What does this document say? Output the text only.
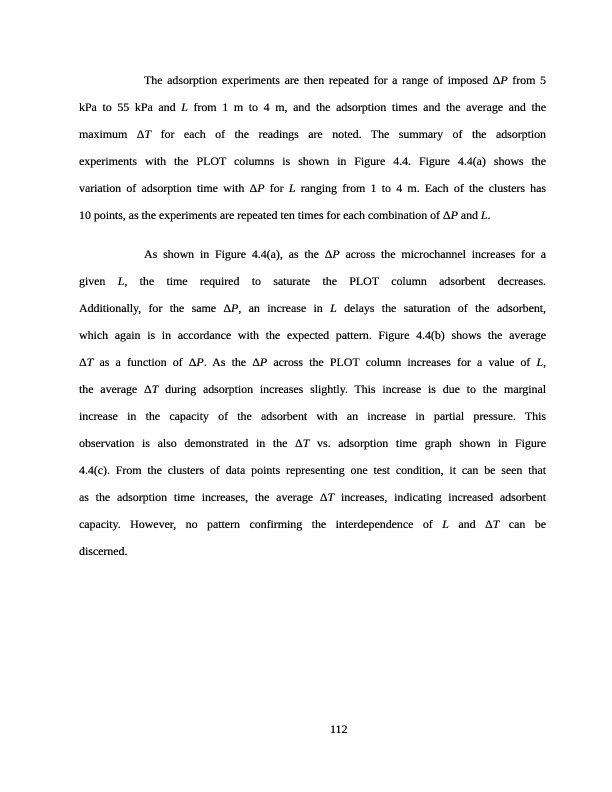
The adsorption experiments are then repeated for a range of imposed ΔP from 5
kPa to 55 kPa and L from 1 m to 4 m, and the adsorption times and the average and the
maximum ΔT for each of the readings are noted. The summary of the adsorption
experiments with the PLOT columns is shown in Figure 4.4. Figure 4.4(a) shows the
variation of adsorption time with ΔP for L ranging from 1 to 4 m. Each of the clusters has
10 points, as the experiments are repeated ten times for each combination of ΔP and L.
As shown in Figure 4.4(a), as the ΔP across the microchannel increases for a
given L, the time required to saturate the PLOT column adsorbent decreases.
Additionally, for the same ΔP, an increase in L delays the saturation of the adsorbent,
which again is in accordance with the expected pattern. Figure 4.4(b) shows the average
ΔT as a function of ΔP. As the ΔP across the PLOT column increases for a value of L,
the average ΔT during adsorption increases slightly. This increase is due to the marginal
increase in the capacity of the adsorbent with an increase in partial pressure. This
observation is also demonstrated in the ΔT vs. adsorption time graph shown in Figure
4.4(c). From the clusters of data points representing one test condition, it can be seen that
as the adsorption time increases, the average ΔT increases, indicating increased adsorbent
capacity. However, no pattern confirming the interdependence of L and ΔT can be
discerned.
112
